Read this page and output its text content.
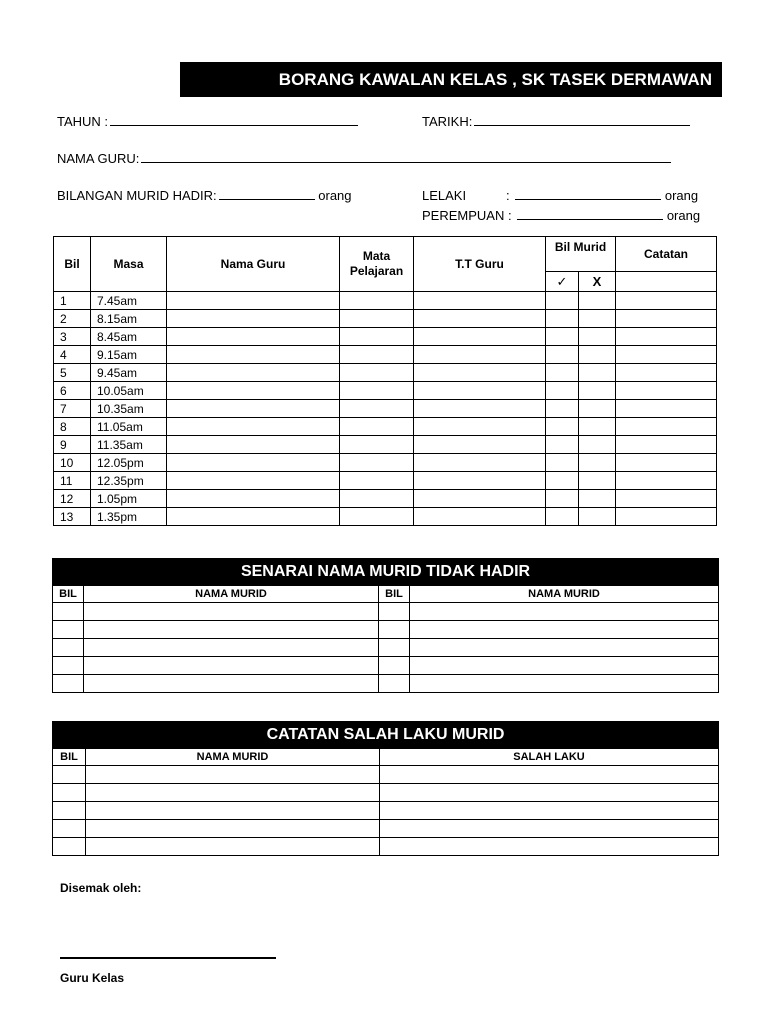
BORANG KAWALAN KELAS , SK TASEK DERMAWAN
TAHUN :	TARIKH:
NAMA GURU:
BILANGAN MURID HADIR:	orang	LELAKI	:	orang
PEREMPUAN :	orang
Bil	Masa	Nama Guru	Mata Pelajaran	T.T Guru	Bil Murid		Catatan
					✓	X	
1	7.45am						
2	8.15am						
3	8.45am						
4	9.15am						
5	9.45am						
6	10.05am						
7	10.35am						
8	11.05am						
9	11.35am						
10	12.05pm						
11	12.35pm						
12	1.05pm						
13	1.35pm						
SENARAI NAMA MURID TIDAK HADIR			
BIL	NAMA MURID	BIL	NAMA MURID

CATATAN SALAH LAKU MURID		
BIL	NAMA MURID	SALAH LAKU

Disemak oleh:
Guru Kelas
